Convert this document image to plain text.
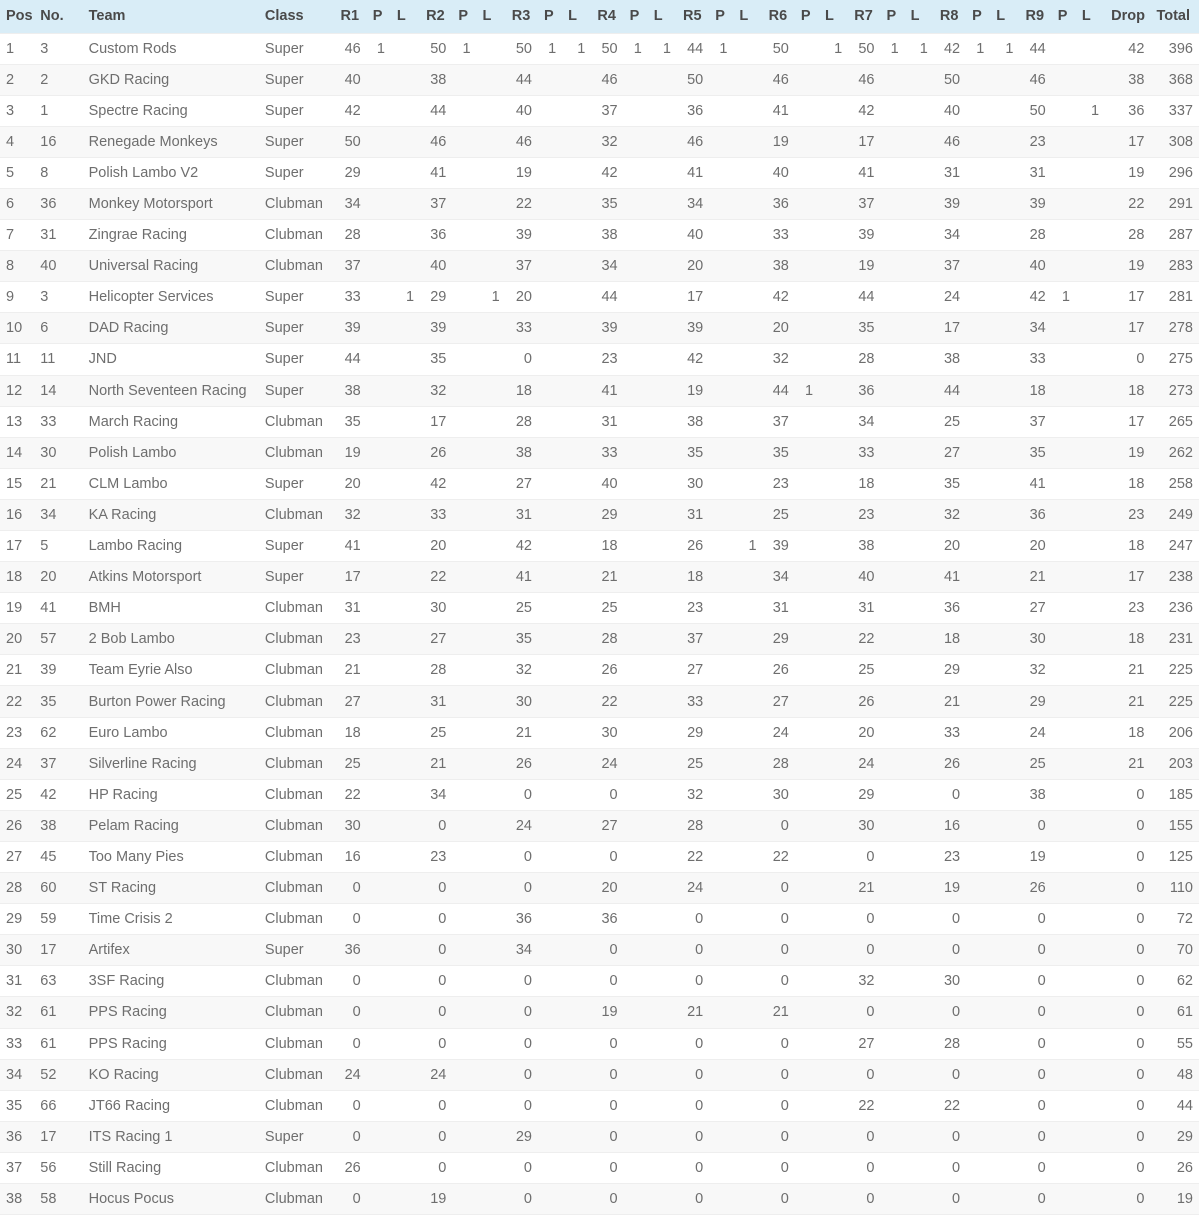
Pos	No.	Team	Class	R1	P	L	R2	P	L	R3	P	L	R4	P	L	R5	P	L	R6	P	L	R7	P	L	R8	P	L	R9	P	L	Drop	Total
1	3	Custom Rods	Super	46	1		50	1		50	1	1	50	1	1	44	1		50		1	50	1	1	42	1	1	44			42	396
2	2	GKD Racing	Super	40			38			44			46			50			46			46			50			46			38	368
3	1	Spectre Racing	Super	42			44			40			37			36			41			42			40			50		1	36	337
4	16	Renegade Monkeys	Super	50			46			46			32			46			19			17			46			23			17	308
5	8	Polish Lambo V2	Super	29			41			19			42			41			40			41			31			31			19	296
6	36	Monkey Motorsport	Clubman	34			37			22			35			34			36			37			39			39			22	291
7	31	Zingrae Racing	Clubman	28			36			39			38			40			33			39			34			28			28	287
8	40	Universal Racing	Clubman	37			40			37			34			20			38			19			37			40			19	283
9	3	Helicopter Services	Super	33		1	29		1	20			44			17			42			44			24			42	1		17	281
10	6	DAD Racing	Super	39			39			33			39			39			20			35			17			34			17	278
11	11	JND	Super	44			35			0			23			42			32			28			38			33			0	275
12	14	North Seventeen Racing	Super	38			32			18			41			19			44	1		36			44			18			18	273
13	33	March Racing	Clubman	35			17			28			31			38			37			34			25			37			17	265
14	30	Polish Lambo	Clubman	19			26			38			33			35			35			33			27			35			19	262
15	21	CLM Lambo	Super	20			42			27			40			30			23			18			35			41			18	258
16	34	KA Racing	Clubman	32			33			31			29			31			25			23			32			36			23	249
17	5	Lambo Racing	Super	41			20			42			18			26		1	39			38			20			20			18	247
18	20	Atkins Motorsport	Super	17			22			41			21			18			34			40			41			21			17	238
19	41	BMH	Clubman	31			30			25			25			23			31			31			36			27			23	236
20	57	2 Bob Lambo	Clubman	23			27			35			28			37			29			22			18			30			18	231
21	39	Team Eyrie Also	Clubman	21			28			32			26			27			26			25			29			32			21	225
22	35	Burton Power Racing	Clubman	27			31			30			22			33			27			26			21			29			21	225
23	62	Euro Lambo	Clubman	18			25			21			30			29			24			20			33			24			18	206
24	37	Silverline Racing	Clubman	25			21			26			24			25			28			24			26			25			21	203
25	42	HP Racing	Clubman	22			34			0			0			32			30			29			0			38			0	185
26	38	Pelam Racing	Clubman	30			0			24			27			28			0			30			16			0			0	155
27	45	Too Many Pies	Clubman	16			23			0			0			22			22			0			23			19			0	125
28	60	ST Racing	Clubman	0			0			0			20			24			0			21			19			26			0	110
29	59	Time Crisis 2	Clubman	0			0			36			36			0			0			0			0			0			0	72
30	17	Artifex	Super	36			0			34			0			0			0			0			0			0			0	70
31	63	3SF Racing	Clubman	0			0			0			0			0			0			32			30			0			0	62
32	61	PPS Racing	Clubman	0			0			0			19			21			21			0			0			0			0	61
33	61	PPS Racing	Clubman	0			0			0			0			0			0			27			28			0			0	55
34	52	KO Racing	Clubman	24			24			0			0			0			0			0			0			0			0	48
35	66	JT66 Racing	Clubman	0			0			0			0			0			0			22			22			0			0	44
36	17	ITS Racing 1	Super	0			0			29			0			0			0			0			0			0			0	29
37	56	Still Racing	Clubman	26			0			0			0			0			0			0			0			0			0	26
38	58	Hocus Pocus	Clubman	0			19			0			0			0			0			0			0			0			0	19
